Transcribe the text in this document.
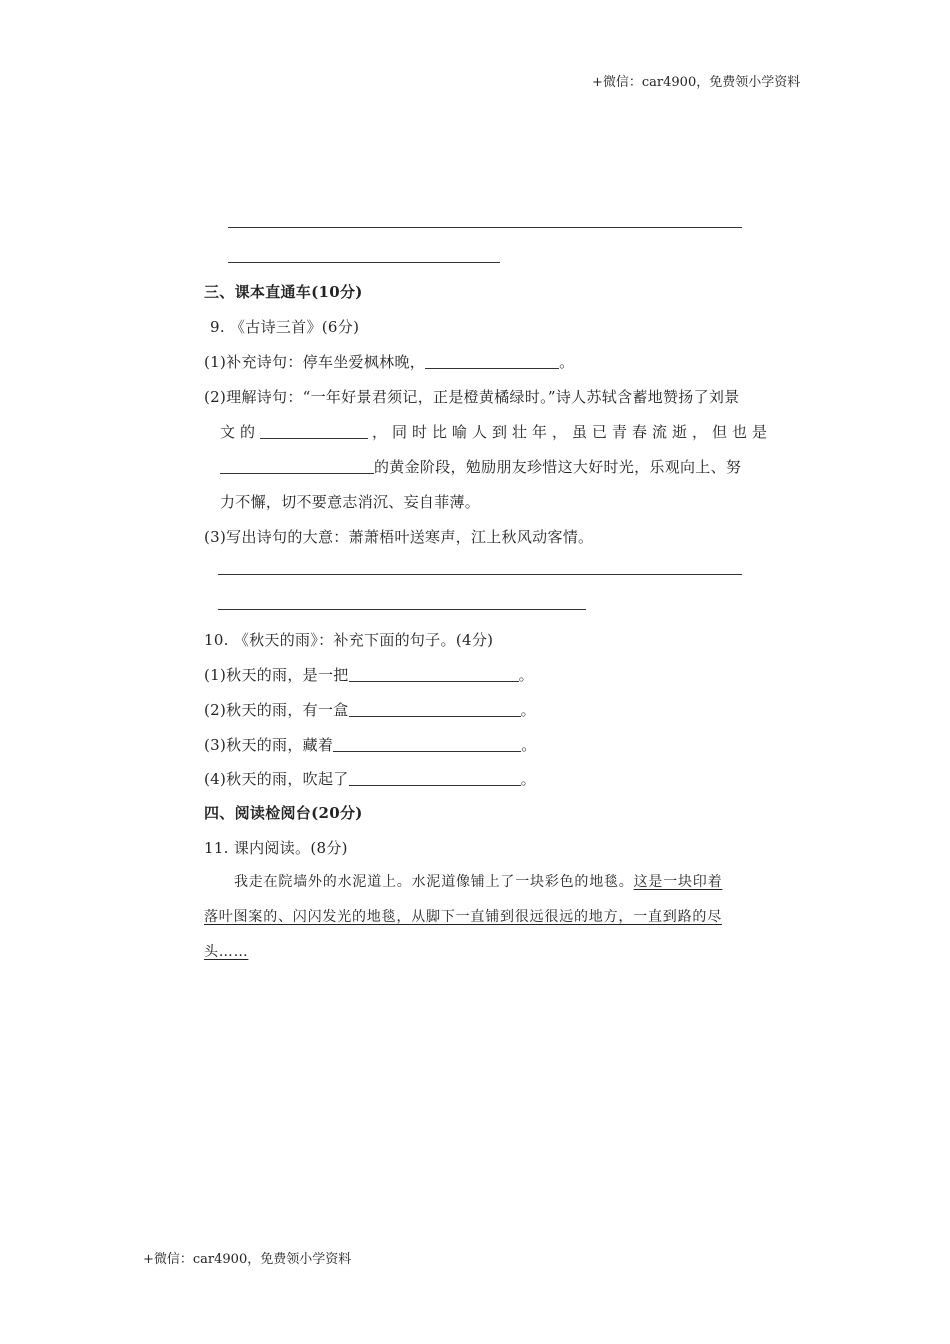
+微信：car4900，免费领小学资料
三、课本直通车(10分)
9. 《古诗三首》(6分)
(1)补充诗句：停车坐爱枫林晚，	。
(2)理解诗句：“一年好景君须记，正是橙黄橘绿时。”诗人苏轼含蓄地赞扬了刘景
文的	，同时比喻人到壮年，虽已青春流逝，但也是
的黄金阶段，勉励朋友珍惜这大好时光，乐观向上、努
力不懈，切不要意志消沉、妄自菲薄。
(3)写出诗句的大意：萧萧梧叶送寒声，江上秋风动客情。
10. 《秋天的雨》：补充下面的句子。(4分)
(1)秋天的雨，是一把	。
(2)秋天的雨，有一盒	。
(3)秋天的雨，藏着	。
(4)秋天的雨，吹起了	。
四、阅读检阅台(20分)
11. 课内阅读。(8分)
我走在院墙外的水泥道上。水泥道像铺上了一块彩色的地毯。这是一块印着
落叶图案的、闪闪发光的地毯，从脚下一直铺到很远很远的地方，一直到路的尽
头……
+微信：car4900，免费领小学资料
